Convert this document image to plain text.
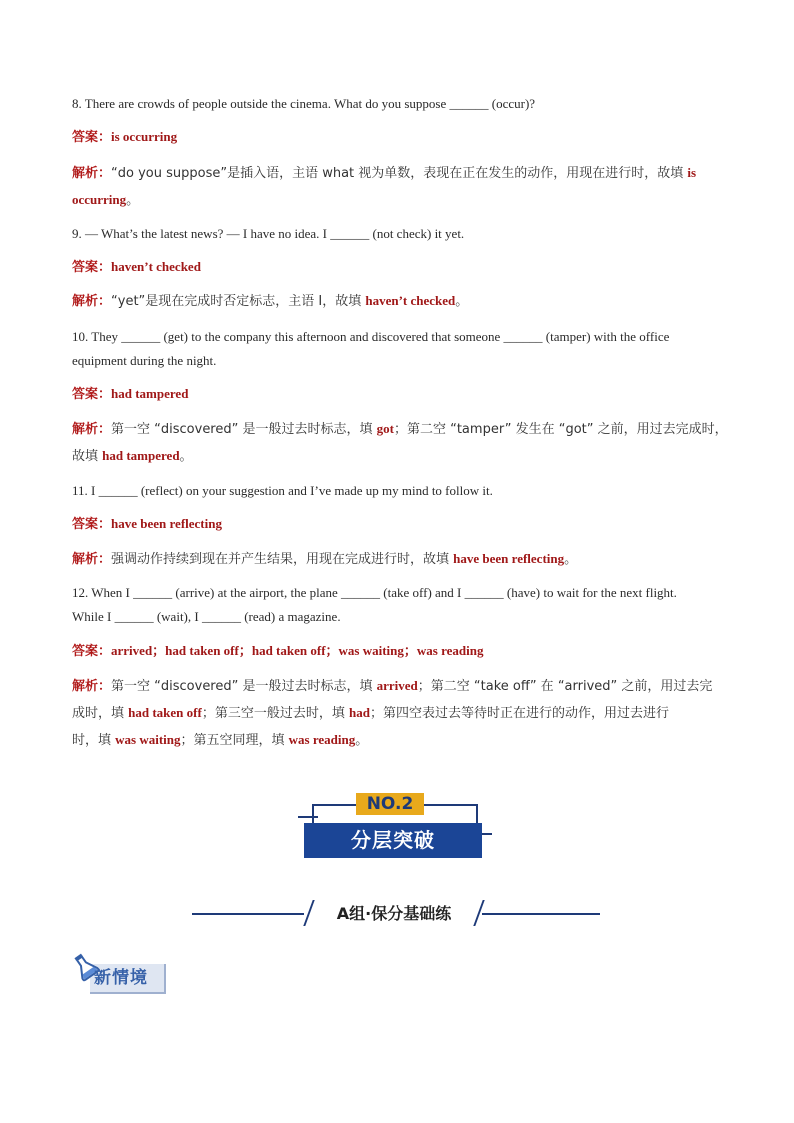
8. There are crowds of people outside the cinema. What do you suppose ______ (occur)?
答案：is occurring
解析：“do you suppose”是插入语，主语 what 视为单数，表现在正在发生的动作，用现在进行时，故填 is
occurring。
9. — What’s the latest news? — I have no idea. I ______ (not check) it yet.
答案：haven’t checked
解析：“yet”是现在完成时否定标志，主语 I，故填 haven’t checked。
10. They ______ (get) to the company this afternoon and discovered that someone ______ (tamper) with the office
equipment during the night.
答案：had tampered
解析：第一空 “discovered” 是一般过去时标志，填 got；第二空 “tamper” 发生在 “got” 之前，用过去完成时，
故填 had tampered。
11. I ______ (reflect) on your suggestion and I’ve made up my mind to follow it.
答案：have been reflecting
解析：强调动作持续到现在并产生结果，用现在完成进行时，故填 have been reflecting。
12. When I ______ (arrive) at the airport, the plane ______ (take off) and I ______ (have) to wait for the next flight.
While I ______ (wait), I ______ (read) a magazine.
答案：arrived；had taken off；had taken off；was waiting；was reading
解析：第一空 “discovered” 是一般过去时标志，填 arrived；第二空 “take off” 在 “arrived” 之前，用过去完
成时，填 had taken off；第三空一般过去时，填 had；第四空表过去等待时正在进行的动作，用过去进行
时，填 was waiting；第五空同理，填 was reading。
NO.2
分层突破
A组·保分基础练
新情境
